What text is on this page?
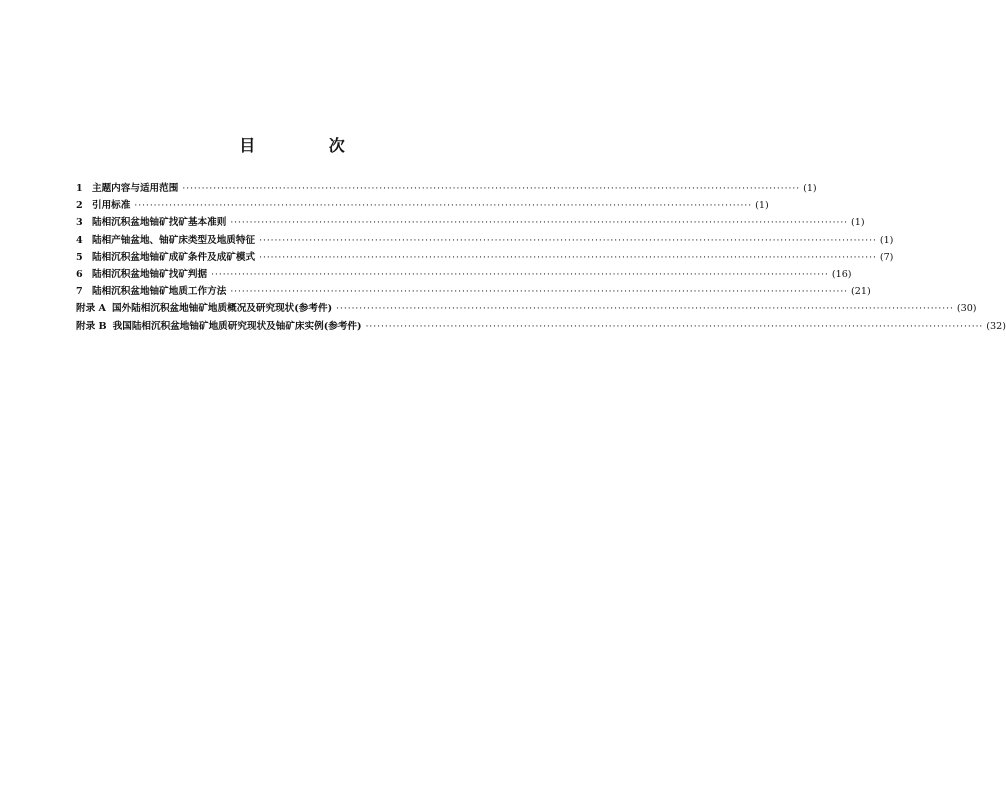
目 次
1 主题内容与适用范围 ································································································································································ (1)
2 引用标准 ································································································································································ (1)
3 陆相沉积盆地铀矿找矿基本准则 ································································································································································ (1)
4 陆相产铀盆地、铀矿床类型及地质特征 ································································································································································ (1)
5 陆相沉积盆地铀矿成矿条件及成矿模式 ································································································································································ (7)
6 陆相沉积盆地铀矿找矿判据 ································································································································································ (16)
7 陆相沉积盆地铀矿地质工作方法 ································································································································································ (21)
附录 A 国外陆相沉积盆地铀矿地质概况及研究现状(参考件) ································································································································································ (30)
附录 B 我国陆相沉积盆地铀矿地质研究现状及铀矿床实例(参考件) ································································································································································ (32)
